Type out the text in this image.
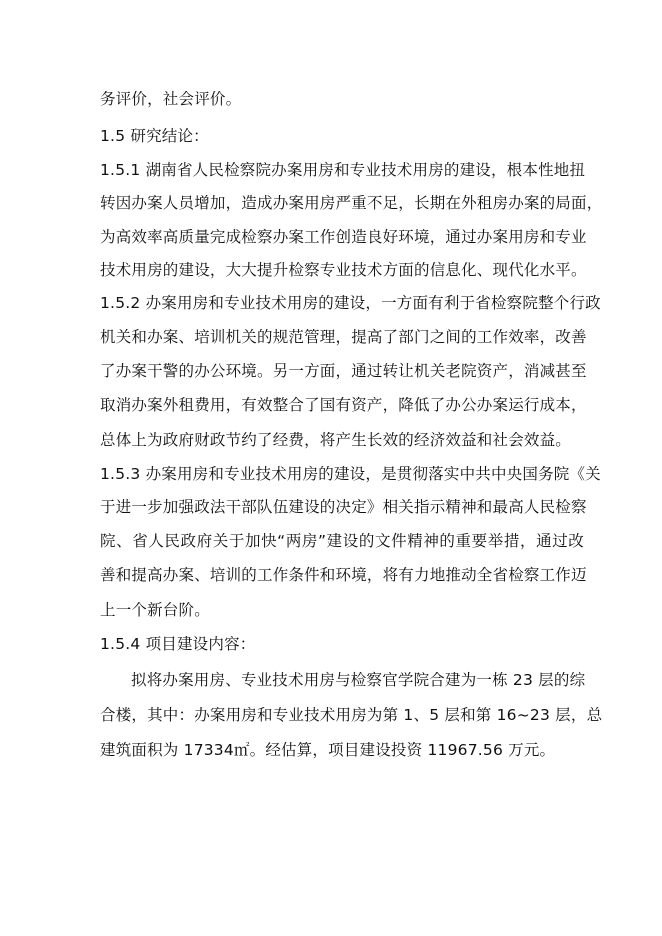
务评价，社会评价。
1.5 研究结论：
1.5.1 湖南省人民检察院办案用房和专业技术用房的建设，根本性地扭
转因办案人员增加，造成办案用房严重不足，长期在外租房办案的局面，
为高效率高质量完成检察办案工作创造良好环境，通过办案用房和专业
技术用房的建设，大大提升检察专业技术方面的信息化、现代化水平。
1.5.2 办案用房和专业技术用房的建设，一方面有利于省检察院整个行政
机关和办案、培训机关的规范管理，提高了部门之间的工作效率，改善
了办案干警的办公环境。另一方面，通过转让机关老院资产，消减甚至
取消办案外租费用，有效整合了国有资产，降低了办公办案运行成本，
总体上为政府财政节约了经费，将产生长效的经济效益和社会效益。
1.5.3 办案用房和专业技术用房的建设，是贯彻落实中共中央国务院《关
于进一步加强政法干部队伍建设的决定》相关指示精神和最高人民检察
院、省人民政府关于加快“两房”建设的文件精神的重要举措，通过改
善和提高办案、培训的工作条件和环境，将有力地推动全省检察工作迈
上一个新台阶。
1.5.4 项目建设内容：
拟将办案用房、专业技术用房与检察官学院合建为一栋 23 层的综
合楼，其中：办案用房和专业技术用房为第 1、5 层和第 16~23 层，总
建筑面积为 17334㎡。经估算，项目建设投资 11967.56 万元。
